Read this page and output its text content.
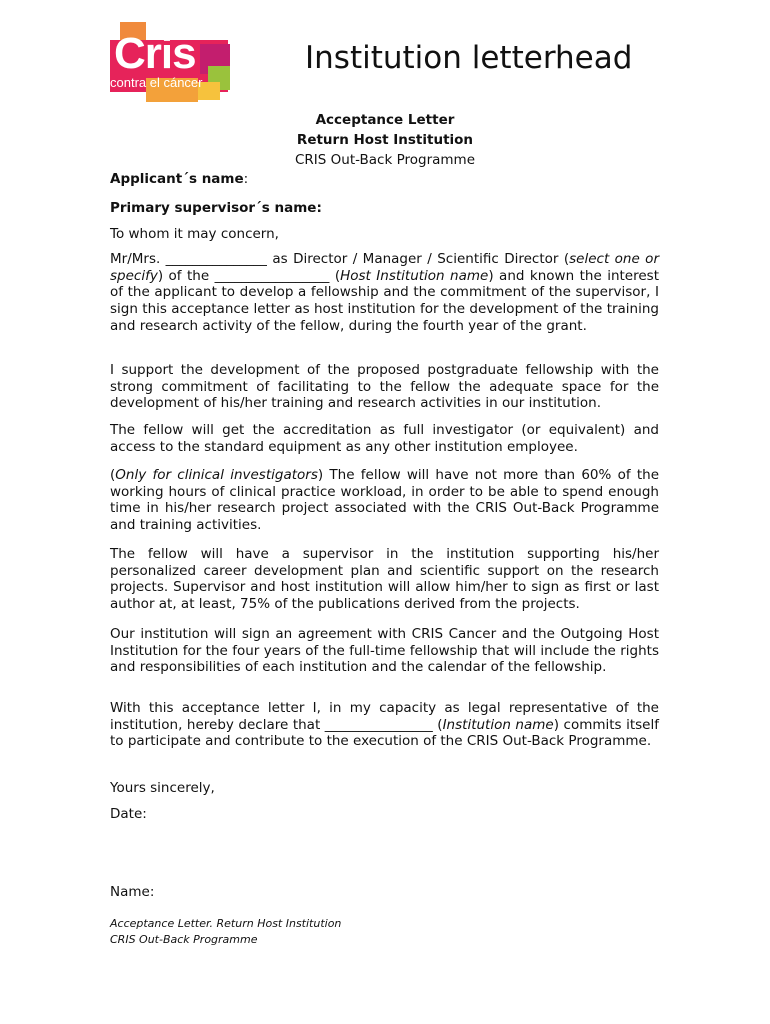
Cris
contra el cáncer
Institution letterhead
Acceptance Letter
Return Host Institution
CRIS Out-Back Programme
Applicant´s name:
Primary supervisor´s name:
To whom it may concern,
Mr/Mrs. _______________ as Director / Manager / Scientific Director (select one or specify) of the _________________ (Host Institution name) and known the interest of the applicant to develop a fellowship and the commitment of the supervisor, I sign this acceptance letter as host institution for the development of the training and research activity of the fellow, during the fourth year of the grant.
I support the development of the proposed postgraduate fellowship with the strong commitment of facilitating to the fellow the adequate space for the development of his/her training and research activities in our institution.
The fellow will get the accreditation as full investigator (or equivalent) and access to the standard equipment as any other institution employee.
(Only for clinical investigators) The fellow will have not more than 60% of the working hours of clinical practice workload, in order to be able to spend enough time in his/her research project associated with the CRIS Out-Back Programme and training activities.
The fellow will have a supervisor in the institution supporting his/her personalized career development plan and scientific support on the research projects. Supervisor and host institution will allow him/her to sign as first or last author at, at least, 75% of the publications derived from the projects.
Our institution will sign an agreement with CRIS Cancer and the Outgoing Host Institution for the four years of the full-time fellowship that will include the rights and responsibilities of each institution and the calendar of the fellowship.
With this acceptance letter I, in my capacity as legal representative of the institution, hereby declare that ________________ (Institution name) commits itself to participate and contribute to the execution of the CRIS Out-Back Programme.
Yours sincerely,
Date:
Name:
Acceptance Letter. Return Host Institution
CRIS Out-Back Programme
